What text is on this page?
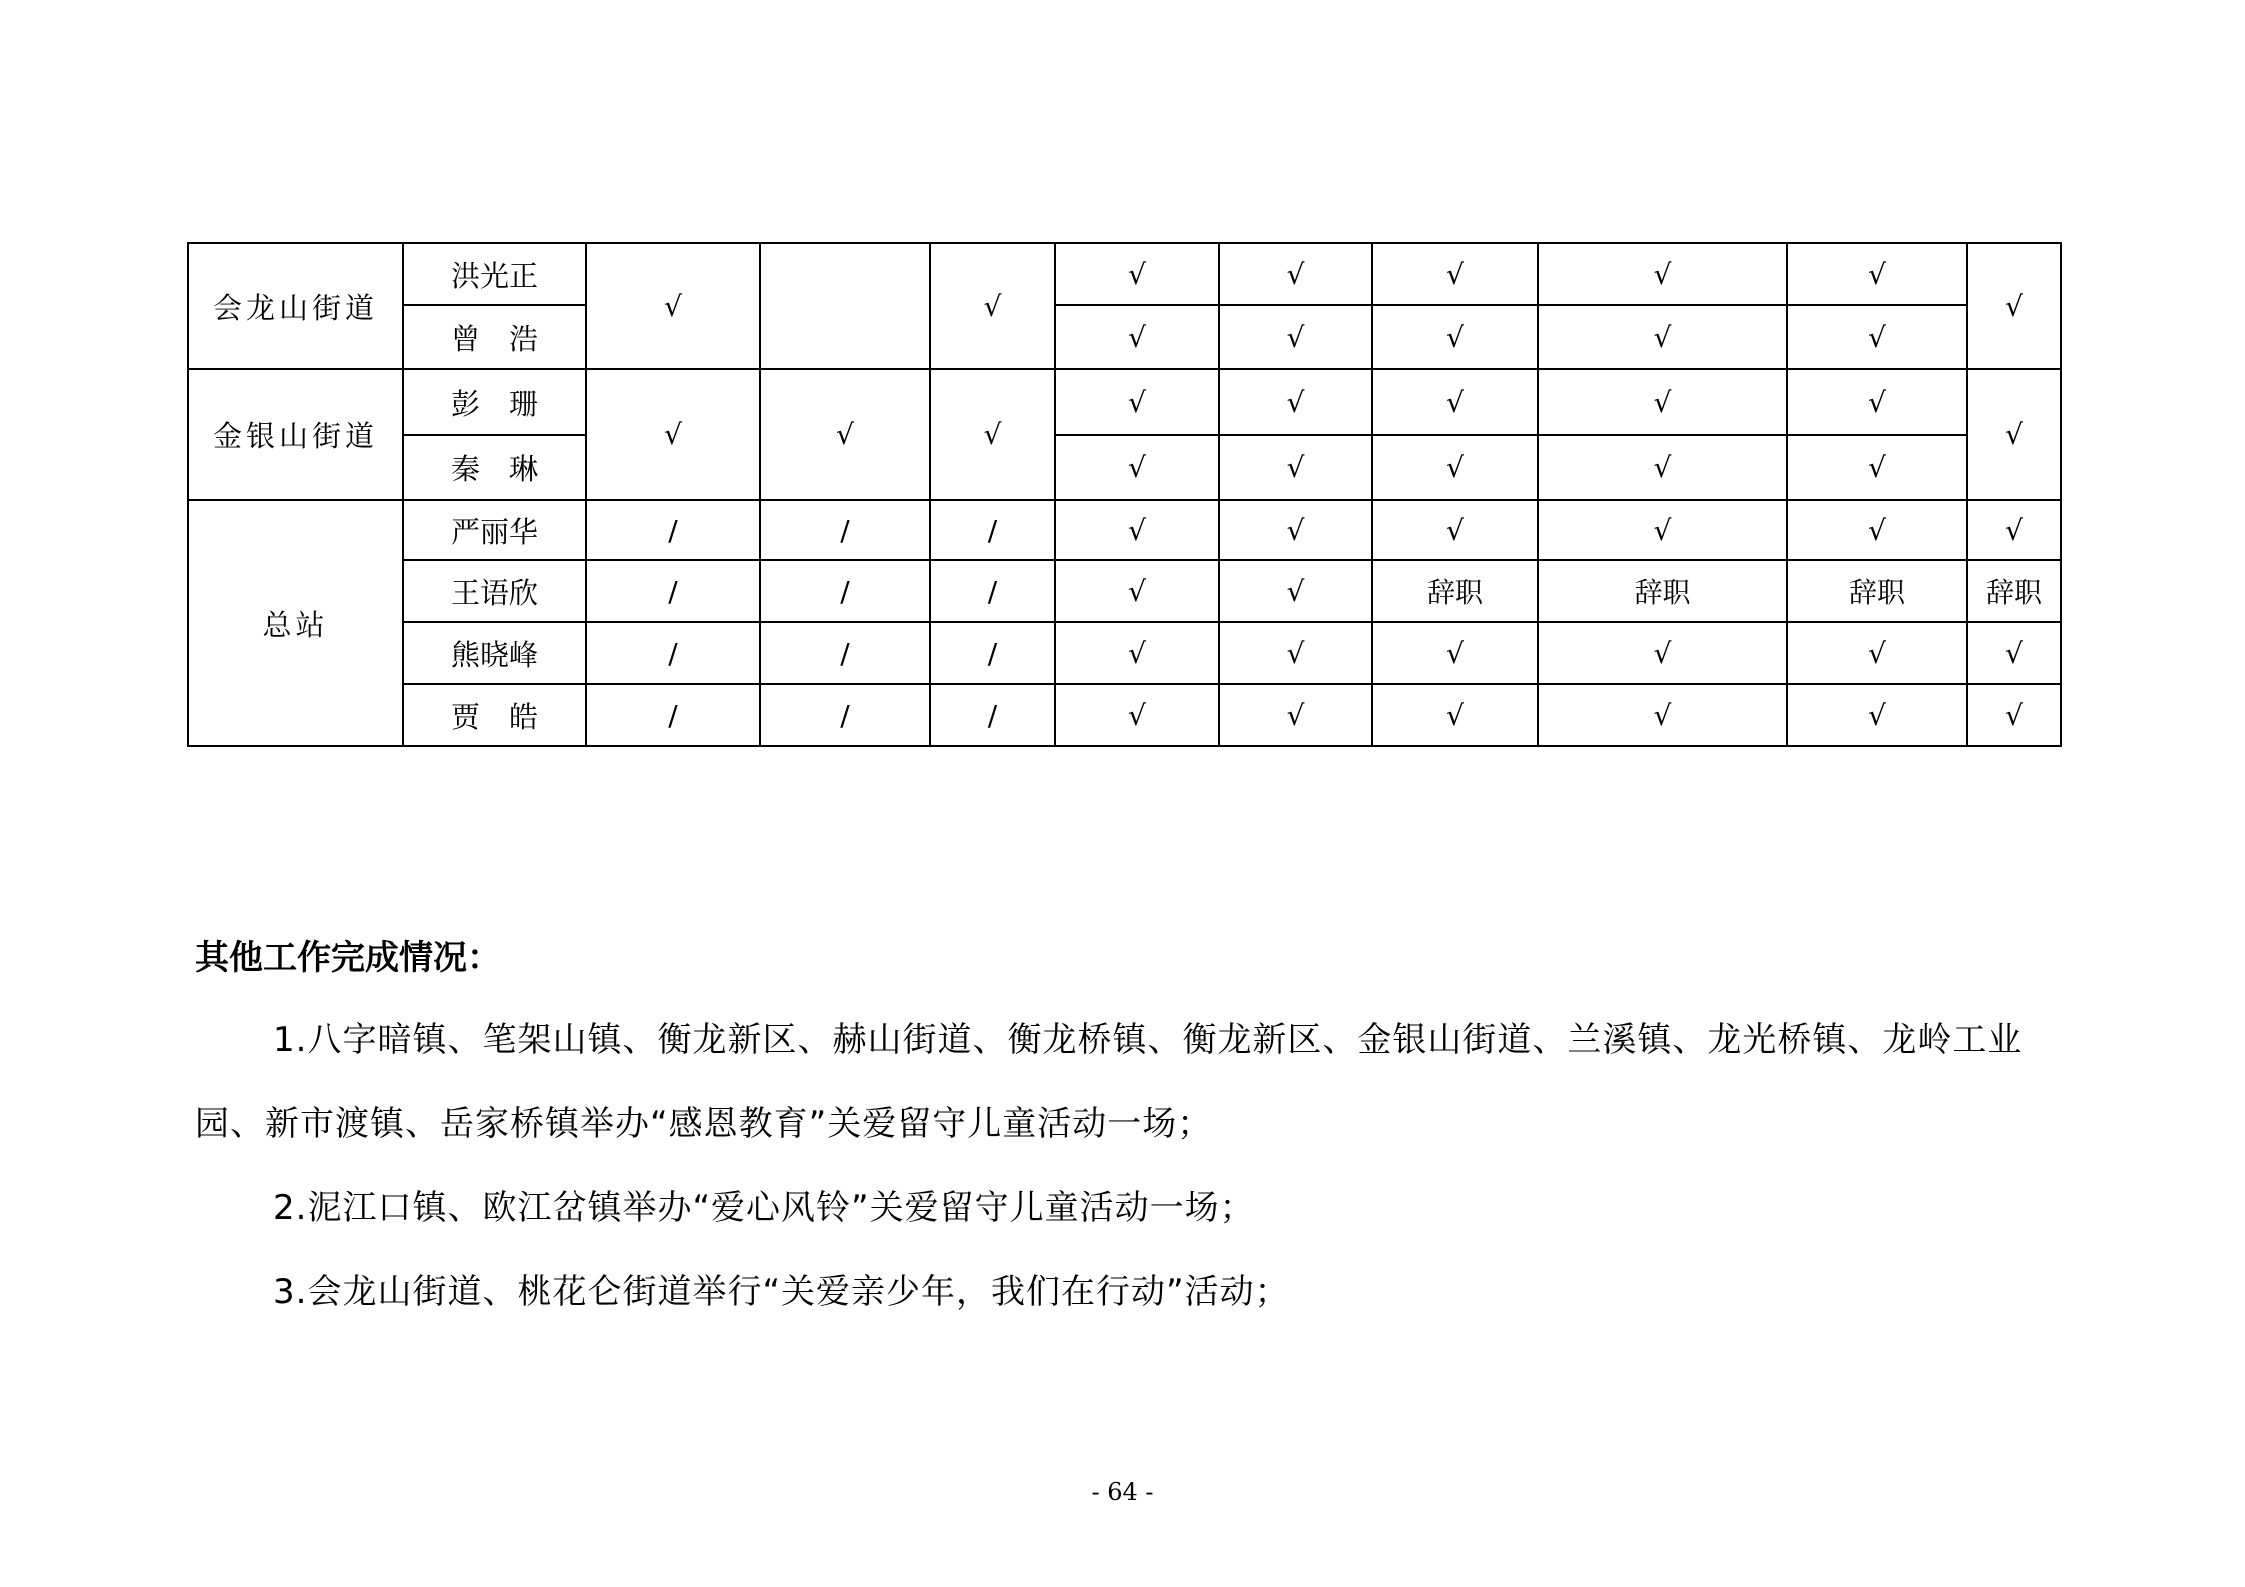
会龙山街道	洪光正	√		√	√	√	√	√	√	√
	曾　浩				√	√	√	√	√	
金银山街道	彭　珊	√	√	√	√	√	√	√	√	√
	秦　琳				√	√	√	√	√	
总站	严丽华	/	/	/	√	√	√	√	√	√
	王语欣	/	/	/	√	√	辞职	辞职	辞职	辞职
	熊晓峰	/	/	/	√	√	√	√	√	√
	贾　皓	/	/	/	√	√	√	√	√	√
其他工作完成情况：
1.八字暗镇、笔架山镇、衡龙新区、赫山街道、衡龙桥镇、衡龙新区、金银山街道、兰溪镇、龙光桥镇、龙岭工业园、新市渡镇、岳家桥镇举办“感恩教育”关爱留守儿童活动一场；
2.泥江口镇、欧江岔镇举办“爱心风铃”关爱留守儿童活动一场；
3.会龙山街道、桃花仑街道举行“关爱亲少年，我们在行动”活动；
- 64 -
